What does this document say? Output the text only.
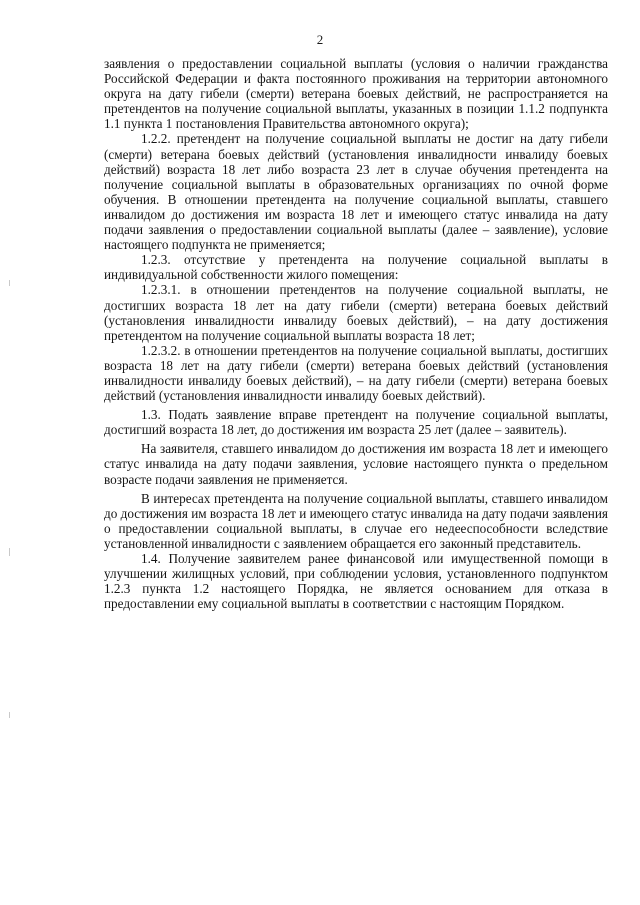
2

заявления о предоставлении социальной выплаты (условия о наличии гражданства Российской Федерации и факта постоянного проживания на территории автономного округа на дату гибели (смерти) ветерана боевых действий, не распространяется на претендентов на получение социальной выплаты, указанных в позиции 1.1.2 подпункта 1.1 пункта 1 постановления Правительства автономного округа);

1.2.2. претендент на получение социальной выплаты не достиг на дату гибели (смерти) ветерана боевых действий (установления инвалидности инвалиду боевых действий) возраста 18 лет либо возраста 23 лет в случае обучения претендента на получение социальной выплаты в образовательных организациях по очной форме обучения. В отношении претендента на получение социальной выплаты, ставшего инвалидом до достижения им возраста 18 лет и имеющего статус инвалида на дату подачи заявления о предоставлении социальной выплаты (далее – заявление), условие настоящего подпункта не применяется;

1.2.3. отсутствие у претендента на получение социальной выплаты в индивидуальной собственности жилого помещения:

1.2.3.1. в отношении претендентов на получение социальной выплаты, не достигших возраста 18 лет на дату гибели (смерти) ветерана боевых действий (установления инвалидности инвалиду боевых действий), – на дату достижения претендентом на получение социальной выплаты возраста 18 лет;

1.2.3.2. в отношении претендентов на получение социальной выплаты, достигших возраста 18 лет на дату гибели (смерти) ветерана боевых действий (установления инвалидности инвалиду боевых действий), – на дату гибели (смерти) ветерана боевых действий (установления инвалидности инвалиду боевых действий).

1.3. Подать заявление вправе претендент на получение социальной выплаты, достигший возраста 18 лет, до достижения им возраста 25 лет (далее – заявитель).

На заявителя, ставшего инвалидом до достижения им возраста 18 лет и имеющего статус инвалида на дату подачи заявления, условие настоящего пункта о предельном возрасте подачи заявления не применяется.

В интересах претендента на получение социальной выплаты, ставшего инвалидом до достижения им возраста 18 лет и имеющего статус инвалида на дату подачи заявления о предоставлении социальной выплаты, в случае его недееспособности вследствие установленной инвалидности с заявлением обращается его законный представитель.

1.4. Получение заявителем ранее финансовой или имущественной помощи в улучшении жилищных условий, при соблюдении условия, установленного подпунктом 1.2.3 пункта 1.2 настоящего Порядка, не является основанием для отказа в предоставлении ему социальной выплаты в соответствии с настоящим Порядком.
